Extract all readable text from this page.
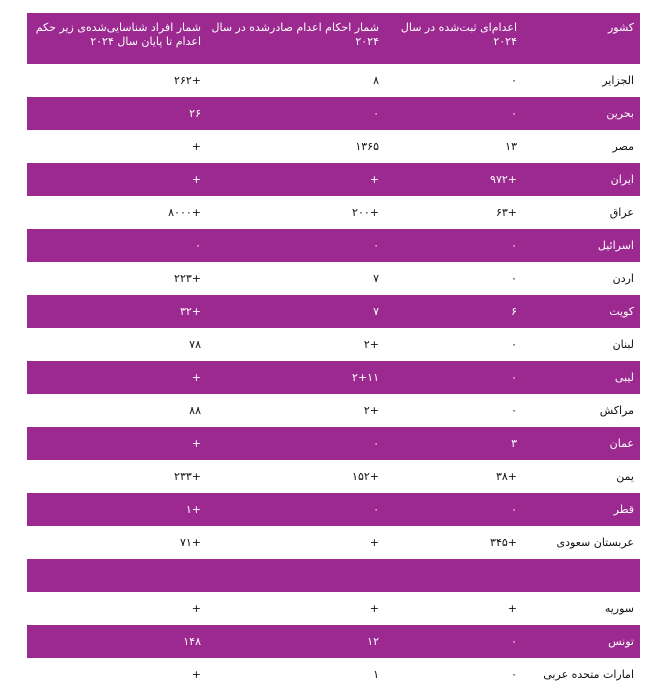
کشور
اعدام‌ای ثبت‌شده در سال ۲۰۲۴
شمار احکام اعدام صادرشده در سال ۲۰۲۴
شمار افراد شناسایی‌شده‌ی زیر حکم اعدام تا پایان سال ۲۰۲۴
الجزایر
۰
۸
+۲۶۲
بحرین
۰
۰
۲۶
مصر
۱۳
۱۳۶۵
+
ایران
+۹۷۲
+
+
عراق
+۶۳
+۲۰۰
+۸۰۰۰
اسرائیل
۰
۰
۰
اردن
۰
۷
+۲۲۳
کویت
۶
۷
+۳۲
لبنان
۰
+۲
۷۸
لیبی
۰
۲+۱۱
+
مراکش
۰
+۲
۸۸
عمان
۳
۰
+
یمن
+۳۸
+۱۵۲
+۲۳۳
قطر
۰
۰
+۱
عربستان سعودی
+۳۴۵
+
+۷۱
سوریه
+
+
+
تونس
۰
۱۲
۱۴۸
امارات متحده عربی
۰
۱
+
